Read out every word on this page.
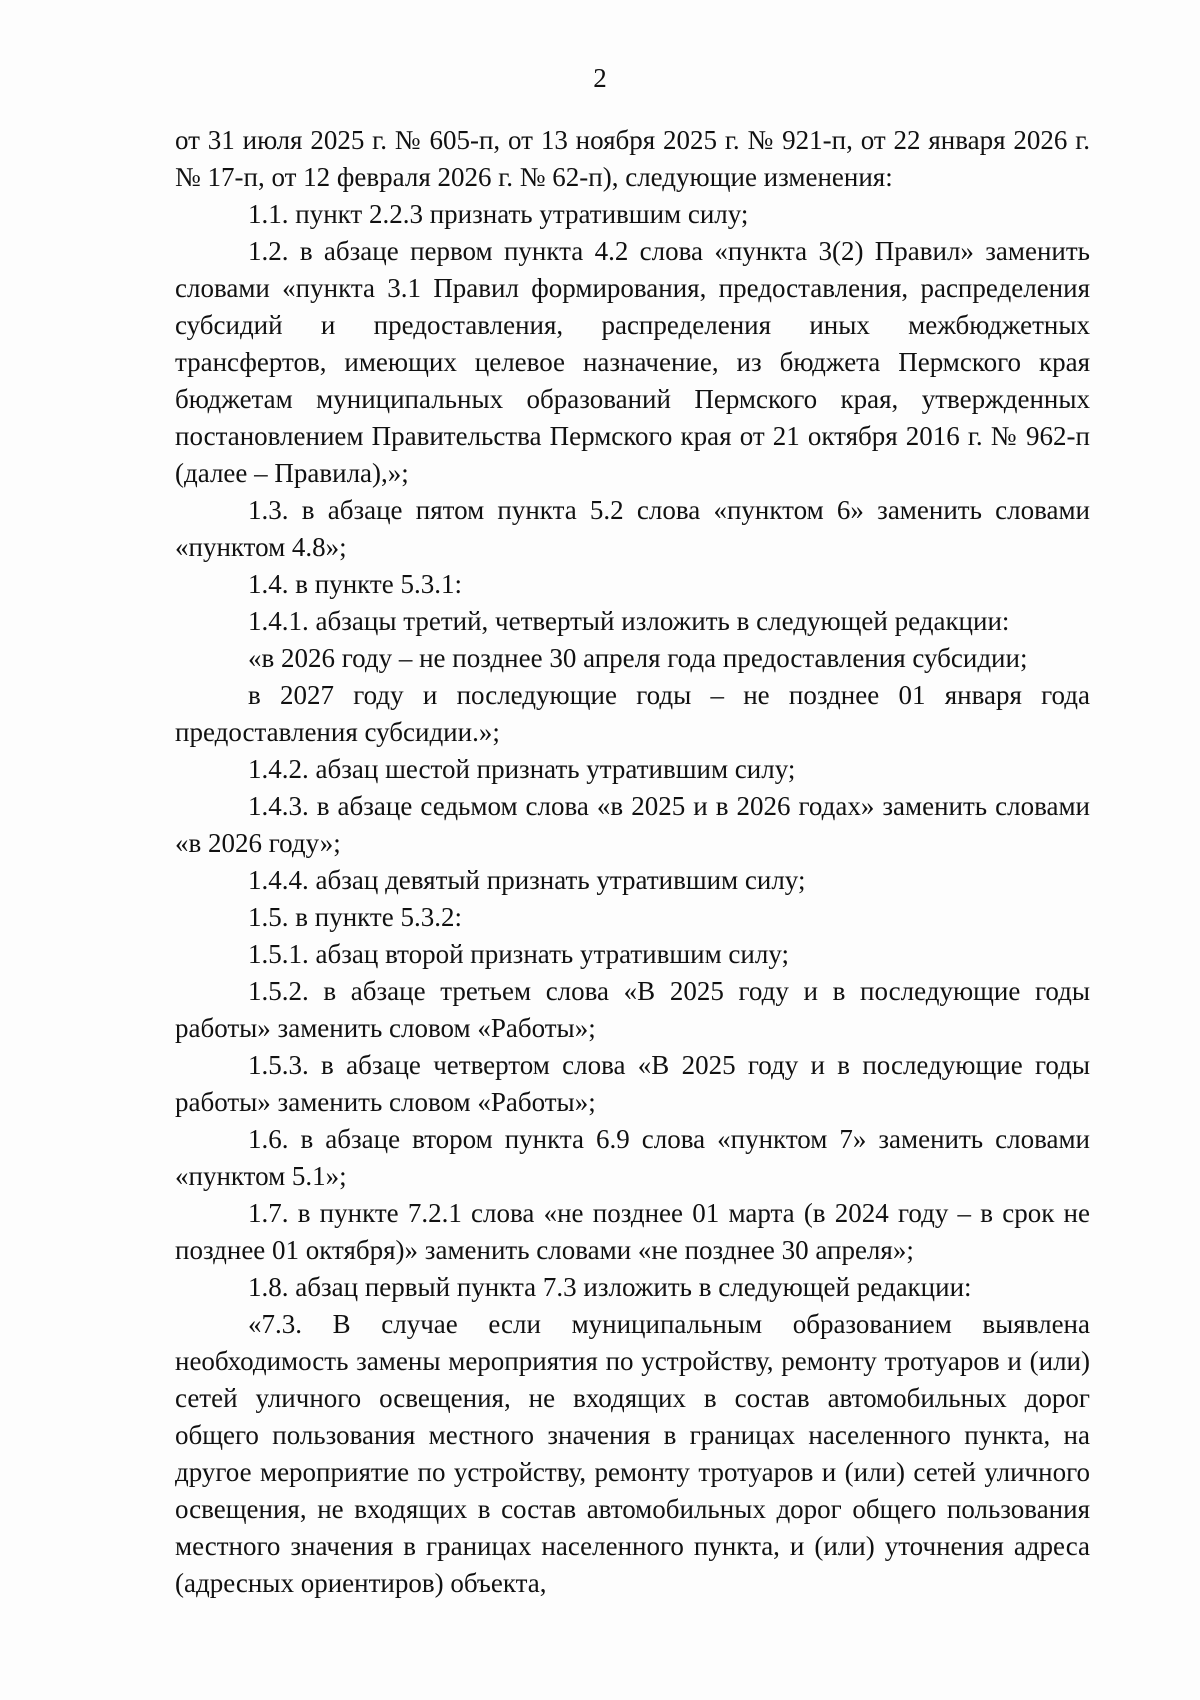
2

от 31 июля 2025 г. № 605-п, от 13 ноября 2025 г. № 921-п, от 22 января 2026 г. № 17-п, от 12 февраля 2026 г. № 62-п), следующие изменения:

1.1. пункт 2.2.3 признать утратившим силу;

1.2. в абзаце первом пункта 4.2 слова «пункта 3(2) Правил» заменить словами «пункта 3.1 Правил формирования, предоставления, распределения субсидий и предоставления, распределения иных межбюджетных трансфертов, имеющих целевое назначение, из бюджета Пермского края бюджетам муниципальных образований Пермского края, утвержденных постановлением Правительства Пермского края от 21 октября 2016 г. № 962-п (далее – Правила),»;

1.3. в абзаце пятом пункта 5.2 слова «пунктом 6» заменить словами «пунктом 4.8»;

1.4. в пункте 5.3.1:

1.4.1. абзацы третий, четвертый изложить в следующей редакции:

«в 2026 году – не позднее 30 апреля года предоставления субсидии;

в 2027 году и последующие годы – не позднее 01 января года предоставления субсидии.»;

1.4.2. абзац шестой признать утратившим силу;

1.4.3. в абзаце седьмом слова «в 2025 и в 2026 годах» заменить словами «в 2026 году»;

1.4.4. абзац девятый признать утратившим силу;

1.5. в пункте 5.3.2:

1.5.1. абзац второй признать утратившим силу;

1.5.2. в абзаце третьем слова «В 2025 году и в последующие годы работы» заменить словом «Работы»;

1.5.3. в абзаце четвертом слова «В 2025 году и в последующие годы работы» заменить словом «Работы»;

1.6. в абзаце втором пункта 6.9 слова «пунктом 7» заменить словами «пунктом 5.1»;

1.7. в пункте 7.2.1 слова «не позднее 01 марта (в 2024 году – в срок не позднее 01 октября)» заменить словами «не позднее 30 апреля»;

1.8. абзац первый пункта 7.3 изложить в следующей редакции:

«7.3. В случае если муниципальным образованием выявлена необходимость замены мероприятия по устройству, ремонту тротуаров и (или) сетей уличного освещения, не входящих в состав автомобильных дорог общего пользования местного значения в границах населенного пункта, на другое мероприятие по устройству, ремонту тротуаров и (или) сетей уличного освещения, не входящих в состав автомобильных дорог общего пользования местного значения в границах населенного пункта, и (или) уточнения адреса (адресных ориентиров) объекта,
